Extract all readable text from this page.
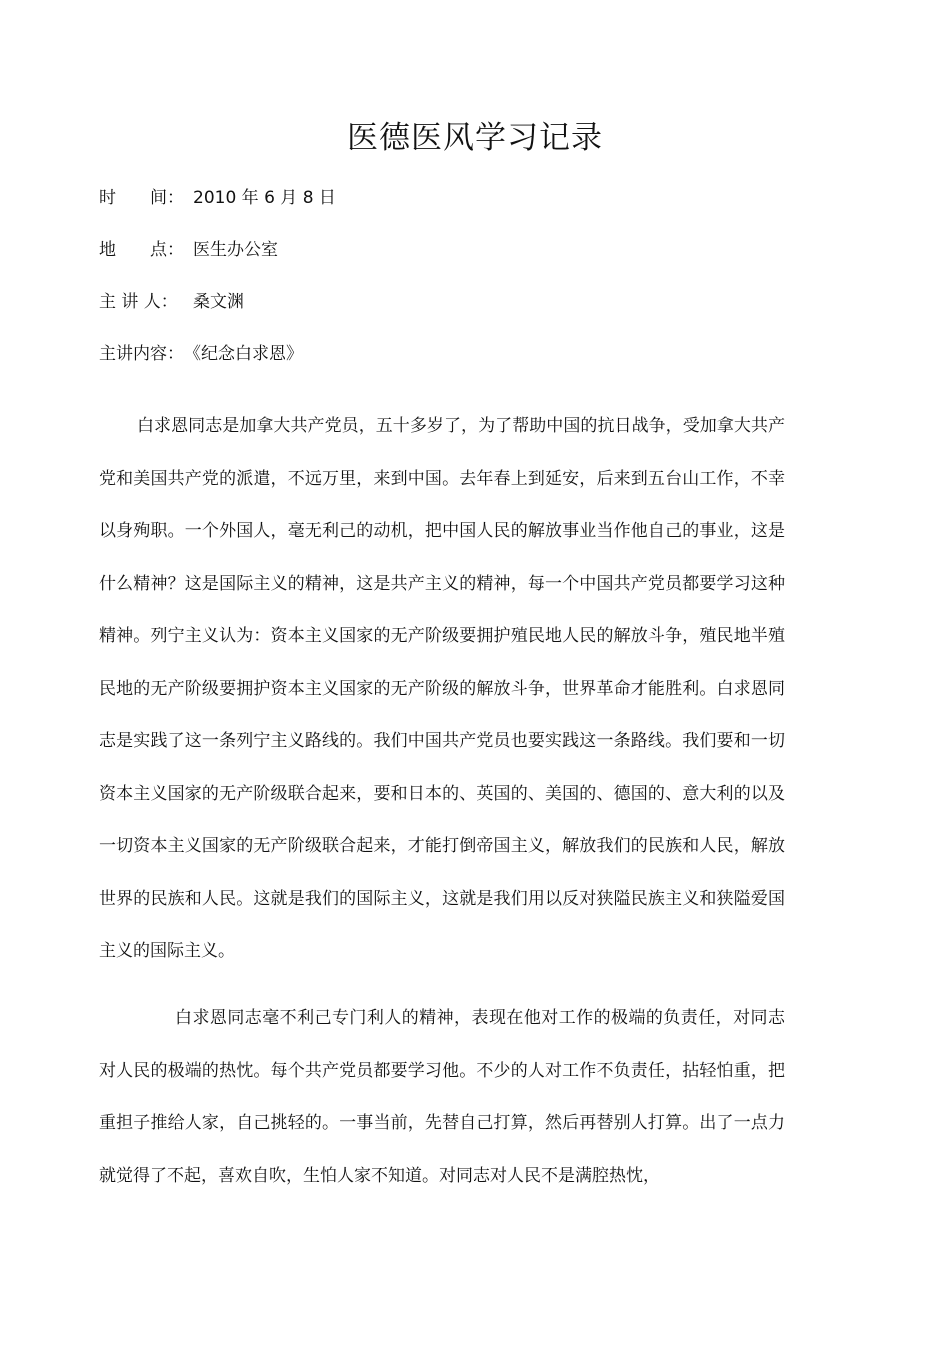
医德医风学习记录
时　　间： 2010 年 6 月 8 日
地　　点： 医生办公室
主 讲 人： 桑文渊
主讲内容：《纪念白求恩》

白求恩同志是加拿大共产党员，五十多岁了，为了帮助中国的抗日战争，受加拿大共产党和美国共产党的派遣，不远万里，来到中国。去年春上到延安，后来到五台山工作，不幸以身殉职。一个外国人，毫无利己的动机，把中国人民的解放事业当作他自己的事业，这是什么精神？这是国际主义的精神，这是共产主义的精神，每一个中国共产党员都要学习这种精神。列宁主义认为：资本主义国家的无产阶级要拥护殖民地人民的解放斗争，殖民地半殖民地的无产阶级要拥护资本主义国家的无产阶级的解放斗争，世界革命才能胜利。白求恩同志是实践了这一条列宁主义路线的。我们中国共产党员也要实践这一条路线。我们要和一切资本主义国家的无产阶级联合起来，要和日本的、英国的、美国的、德国的、意大利的以及一切资本主义国家的无产阶级联合起来，才能打倒帝国主义，解放我们的民族和人民，解放世界的民族和人民。这就是我们的国际主义，这就是我们用以反对狭隘民族主义和狭隘爱国主义的国际主义。

白求恩同志毫不利己专门利人的精神，表现在他对工作的极端的负责任，对同志对人民的极端的热忱。每个共产党员都要学习他。不少的人对工作不负责任，拈轻怕重，把重担子推给人家，自己挑轻的。一事当前，先替自己打算，然后再替别人打算。出了一点力就觉得了不起，喜欢自吹，生怕人家不知道。对同志对人民不是满腔热忱，
